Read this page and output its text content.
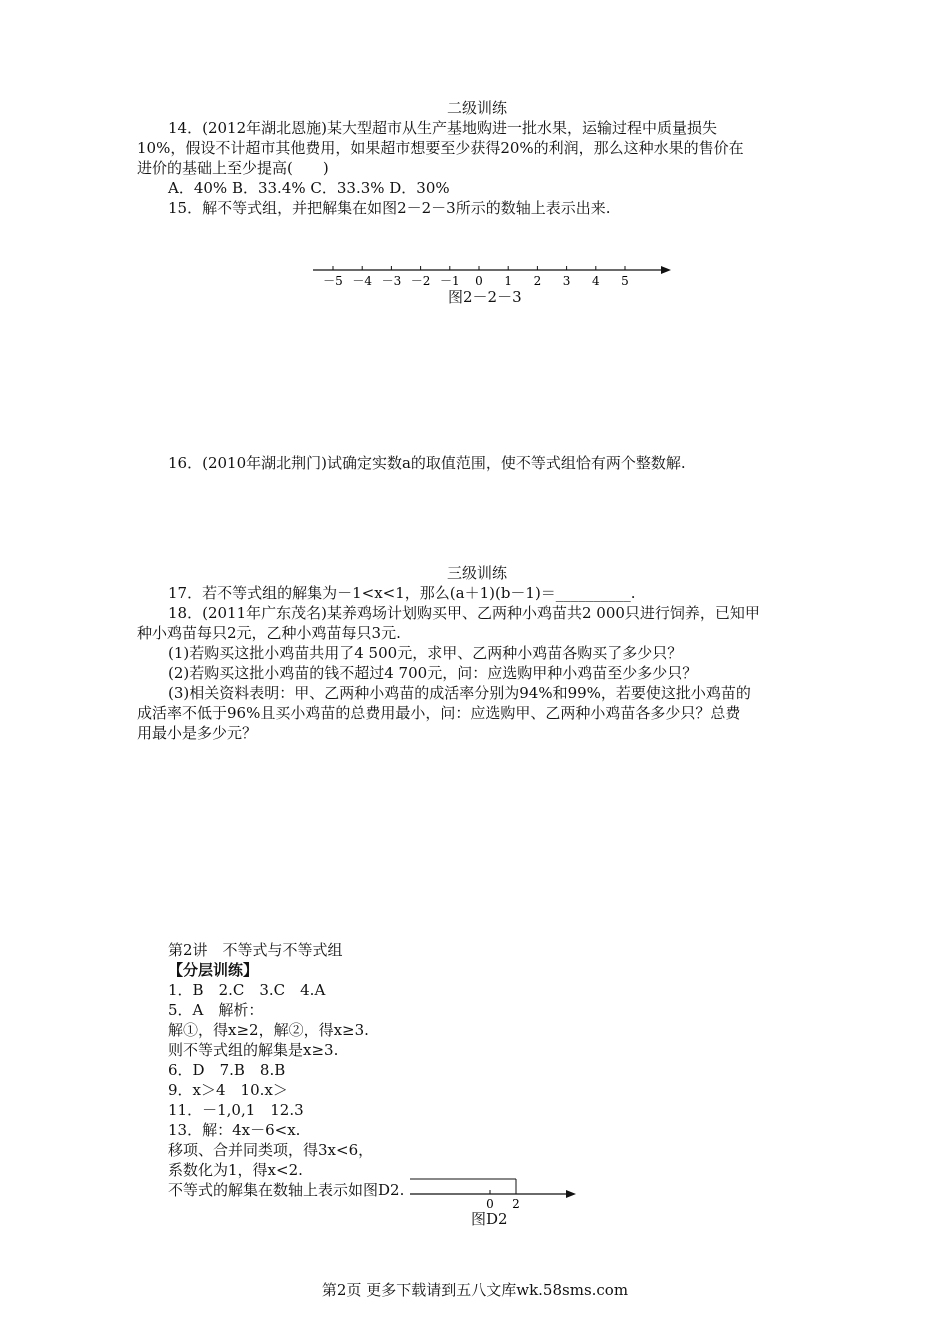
二级训练
14．(2012年湖北恩施)某大型超市从生产基地购进一批水果，运输过程中质量损失
10%，假设不计超市其他费用，如果超市想要至少获得20%的利润，那么这种水果的售价在
进价的基础上至少提高(　　)
A．40% B．33.4% C．33.3% D．30%
15．解不等式组，并把解集在如图2－2－3所示的数轴上表示出来.
－5 －4 －3 －2 －1 0 1 2 3 4 5
图2－2－3
16．(2010年湖北荆门)试确定实数a的取值范围，使不等式组恰有两个整数解.
三级训练
17．若不等式组的解集为－1<x<1，那么(a＋1)(b－1)＝__________.
18．(2011年广东茂名)某养鸡场计划购买甲、乙两种小鸡苗共2 000只进行饲养，已知甲
种小鸡苗每只2元，乙种小鸡苗每只3元.
(1)若购买这批小鸡苗共用了4 500元，求甲、乙两种小鸡苗各购买了多少只？
(2)若购买这批小鸡苗的钱不超过4 700元，问：应选购甲种小鸡苗至少多少只？
(3)相关资料表明：甲、乙两种小鸡苗的成活率分别为94%和99%，若要使这批小鸡苗的
成活率不低于96%且买小鸡苗的总费用最小，问：应选购甲、乙两种小鸡苗各多少只？总费
用最小是多少元？
第2讲　不等式与不等式组
【分层训练】
1．B　2.C　3.C　4.A
5．A　解析：
解①，得x≥2，解②，得x≥3.
则不等式组的解集是x≥3.
6．D　7.B　8.B
9．x＞4　10.x＞
11．－1,0,1　12.3
13．解：4x－6<x.
移项、合并同类项，得3x<6，
系数化为1，得x<2.
不等式的解集在数轴上表示如图D2.
0 2
图D2
第2页 更多下载请到五八文库wk.58sms.com
